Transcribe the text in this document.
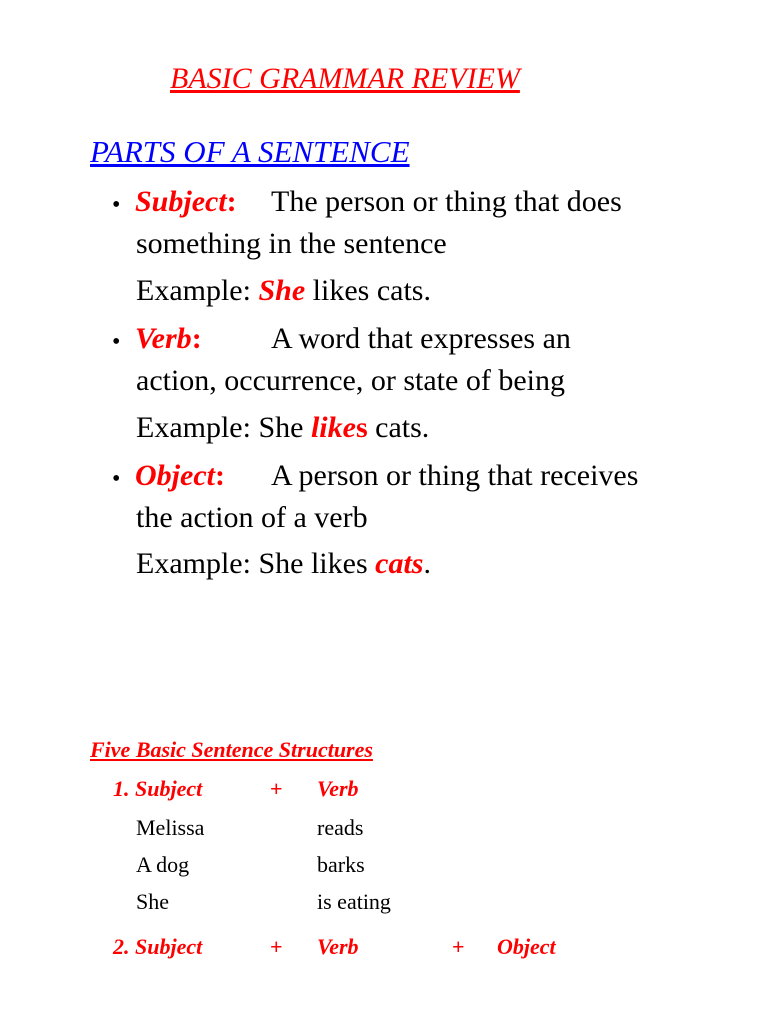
BASIC GRAMMAR REVIEW
PARTS OF A SENTENCE
• Subject: The person or thing that does
something in the sentence
Example: She likes cats.
• Verb: A word that expresses an
action, occurrence, or state of being
Example: She likes cats.
• Object: A person or thing that receives
the action of a verb
Example: She likes cats.
Five Basic Sentence Structures
1. Subject	+ Verb
Melissa	reads
A dog	barks
She	is eating
2. Subject	+ Verb	+ Object
